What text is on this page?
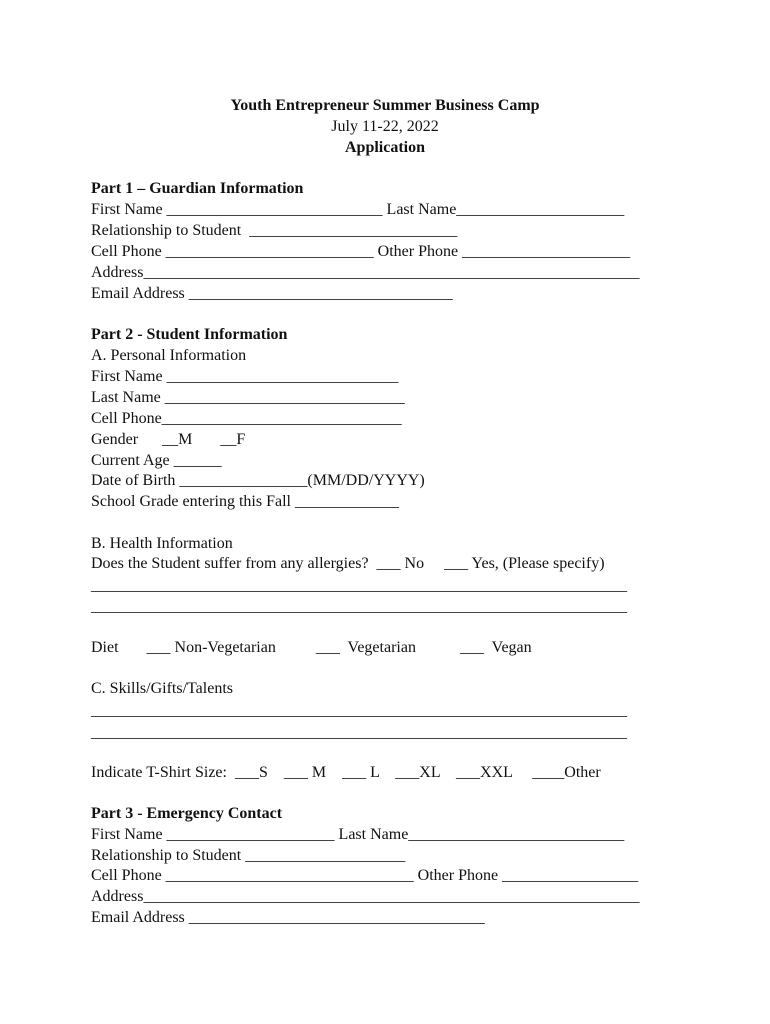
Youth Entrepreneur Summer Business Camp
July 11-22, 2022
Application
Part 1 – Guardian Information
First Name ___________________________ Last Name_____________________
Relationship to Student  __________________________
Cell Phone __________________________ Other Phone _____________________
Address______________________________________________________________
Email Address _________________________________
Part 2 - Student Information
A. Personal Information
First Name _____________________________
Last Name ______________________________
Cell Phone______________________________
Gender      __M       __F
Current Age ______
Date of Birth ________________(MM/DD/YYYY)
School Grade entering this Fall _____________
B. Health Information
Does the Student suffer from any allergies?  ___ No     ___ Yes, (Please specify)
___________________________________________________________________
___________________________________________________________________
Diet       ___ Non-Vegetarian          ___  Vegetarian           ___  Vegan
C. Skills/Gifts/Talents
___________________________________________________________________
___________________________________________________________________
Indicate T-Shirt Size:  ___S    ___ M    ___ L    ___XL    ___XXL     ____Other
Part 3 - Emergency Contact
First Name _____________________ Last Name___________________________
Relationship to Student ____________________
Cell Phone _______________________________ Other Phone _________________
Address______________________________________________________________
Email Address _____________________________________
